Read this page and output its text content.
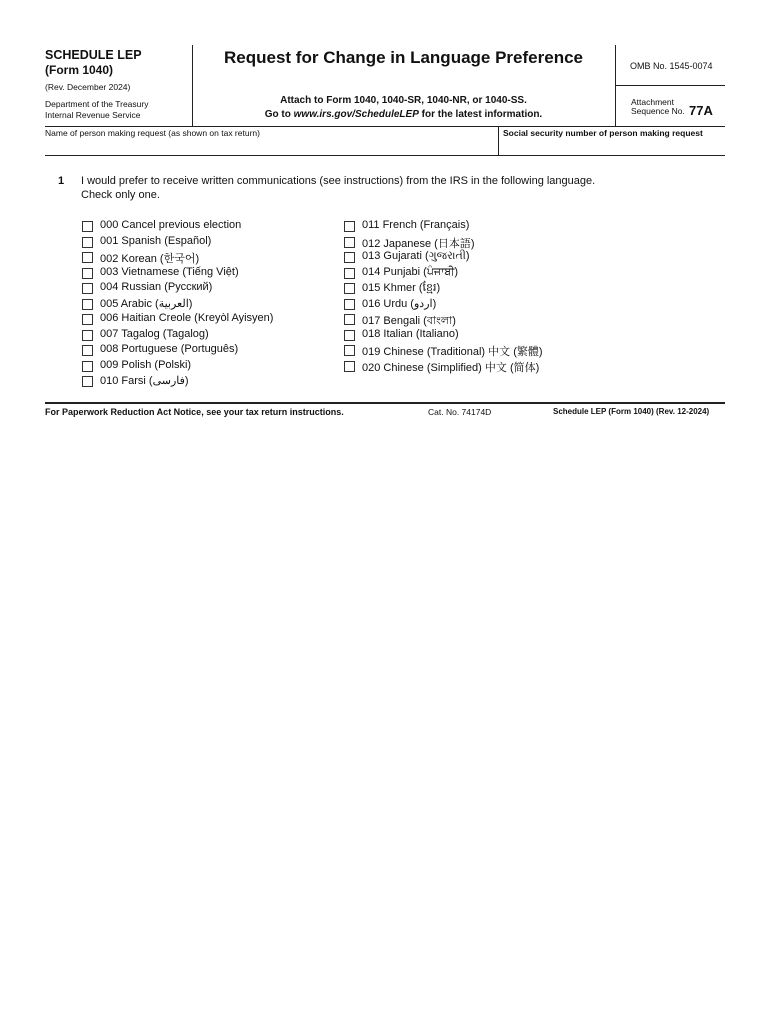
SCHEDULE LEP
(Form 1040)
(Rev. December 2024)
Department of the Treasury
Internal Revenue Service
Request for Change in Language Preference
Attach to Form 1040, 1040-SR, 1040-NR, or 1040-SS.
Go to www.irs.gov/ScheduleLEP for the latest information.
OMB No. 1545-0074
Attachment
Sequence No. 77A
Name of person making request (as shown on tax return)	Social security number of person making request
1 I would prefer to receive written communications (see instructions) from the IRS in the following language.
Check only one.
000 Cancel previous election
001 Spanish (Español)
002 Korean (한국어)
003 Vietnamese (Tiếng Việt)
004 Russian (Русский)
005 Arabic (العربية)
006 Haitian Creole (Kreyòl Ayisyen)
007 Tagalog (Tagalog)
008 Portuguese (Português)
009 Polish (Polski)
010 Farsi (فارسی)
011 French (Français)
012 Japanese (日本語)
013 Gujarati (ગુજરાતી)
014 Punjabi (ਪੰਜਾਬੀ)
015 Khmer (ខ្មែរ)
016 Urdu (اردو)
017 Bengali (বাংলা)
018 Italian (Italiano)
019 Chinese (Traditional) 中文 (繁體)
020 Chinese (Simplified) 中文 (简体)
For Paperwork Reduction Act Notice, see your tax return instructions.	Cat. No. 74174D	Schedule LEP (Form 1040) (Rev. 12-2024)
